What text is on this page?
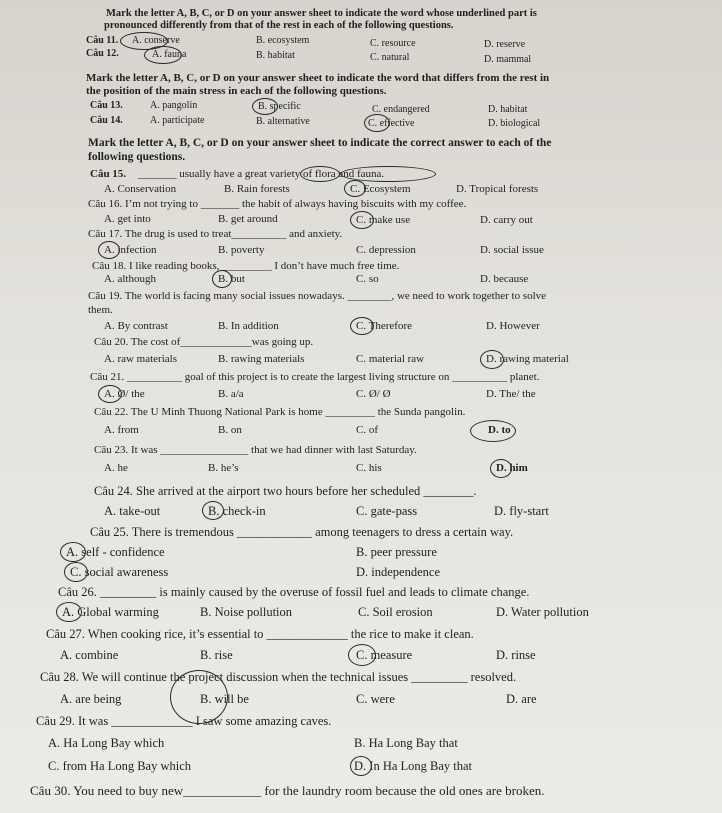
Mark the letter A, B, C, or D on your answer sheet to indicate the word whose underlined part is
pronounced differently from that of the rest in each of the following questions.
Câu 11. A. conserve	B. ecosystem	C. resource	D. reserve
Câu 12.	A. fauna	B. habitat	C. natural	D. mammal
Mark the letter A, B, C, or D on your answer sheet to indicate the word that differs from the rest in
the position of the main stress in each of the following questions.
Câu 13.	A. pangolin	B. specific	C. endangered	D. habitat
Câu 14.	A. participate	B. alternative	C. effective	D. biological
Mark the letter A, B, C, or D on your answer sheet to indicate the correct answer to each of the
following questions.
Câu 15. _______ usually have a great variety of flora and fauna.
A. Conservation	B. Rain forests	C. Ecosystem	D. Tropical forests
Câu 16. I’m not trying to _______ the habit of always having biscuits with my coffee.
A. get into	B. get around	C. make use	D. carry out
Câu 17. The drug is used to treat__________ and anxiety.
A. infection	B. poverty	C. depression	D. social issue
Câu 18. I like reading books, _________ I don’t have much free time.
A. although	B. but	C. so	D. because
Câu 19. The world is facing many social issues nowadays. ________, we need to work together to solve
them.
A. By contrast	B. In addition	C. Therefore	D. However
Câu 20. The cost of_____________was going up.
A. raw materials	B. rawing materials	C. material raw	D. rawing material
Câu 21. __________ goal of this project is to create the largest living structure on __________ planet.
A. Ø/ the	B. a/a	C. Ø/ Ø	D. The/ the
Câu 22. The U Minh Thuong National Park is home _________ the Sunda pangolin.
A. from	B. on	C. of	D. to
Câu 23. It was ________________ that we had dinner with last Saturday.
A. he	B. he’s	C. his	D. him
Câu 24. She arrived at the airport two hours before her scheduled ________.
A. take-out	B. check-in	C. gate-pass	D. fly-start
Câu 25. There is tremendous ____________ among teenagers to dress a certain way.
A. self - confidence	B. peer pressure
C. social awareness	D. independence
Câu 26. _________ is mainly caused by the overuse of fossil fuel and leads to climate change.
A. Global warming	B. Noise pollution	C. Soil erosion	D. Water pollution
Câu 27. When cooking rice, it’s essential to _____________ the rice to make it clean.
A. combine	B. rise	C. measure	D. rinse
Câu 28. We will continue the project discussion when the technical issues _________ resolved.
A. are being	B. will be	C. were	D. are
Câu 29. It was _____________ I saw some amazing caves.
A. Ha Long Bay which	B. Ha Long Bay that
C. from Ha Long Bay which	D. In Ha Long Bay that
Câu 30. You need to buy new____________ for the laundry room because the old ones are broken.
